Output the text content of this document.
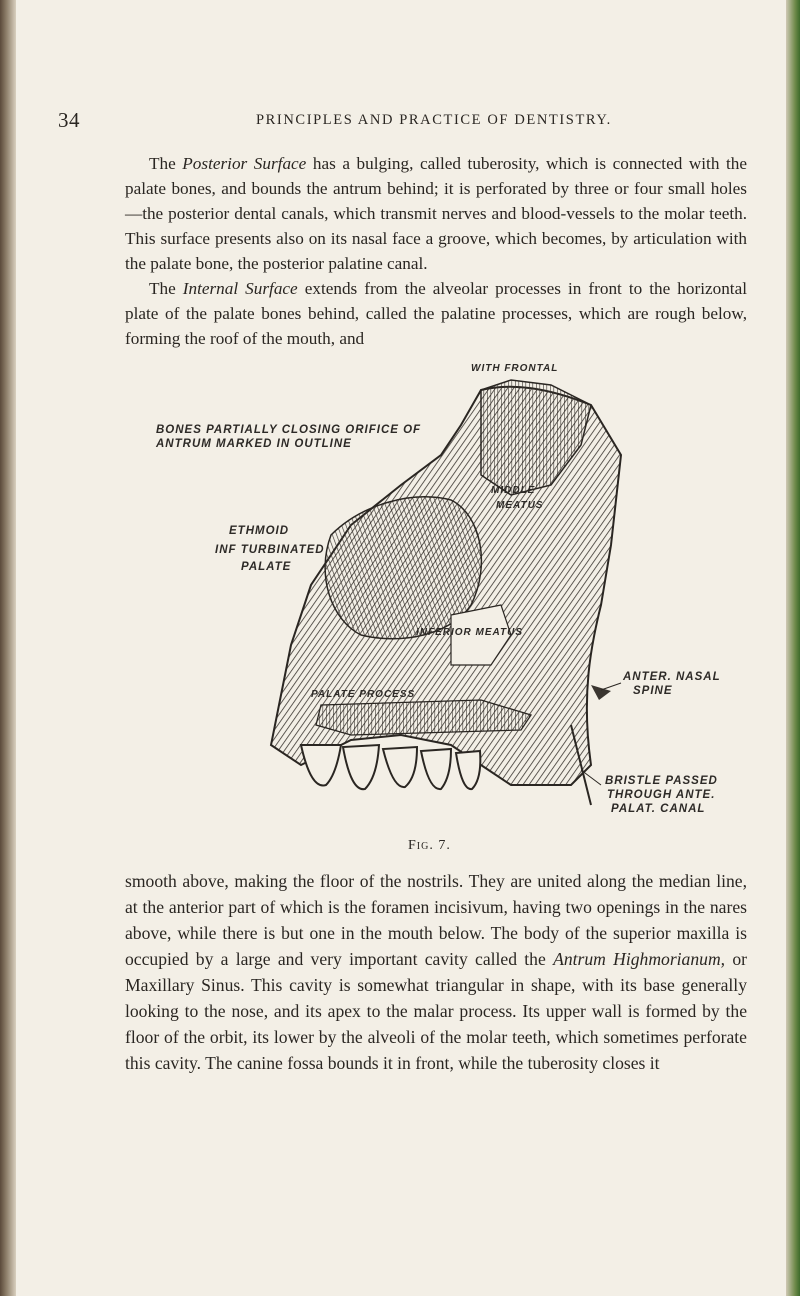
34	PRINCIPLES AND PRACTICE OF DENTISTRY.

The Posterior Surface has a bulging, called tuberosity, which is connected with the palate bones, and bounds the antrum behind; it is perforated by three or four small holes—the posterior dental canals, which transmit nerves and blood-vessels to the molar teeth. This surface presents also on its nasal face a groove, which becomes, by articulation with the palate bone, the posterior palatine canal.

The Internal Surface extends from the alveolar processes in front to the horizontal plate of the palate bones behind, called the palatine processes, which are rough below, forming the roof of the mouth, and

WITH FRONTAL
BONES PARTIALLY CLOSING ORIFICE OF
ANTRUM MARKED IN OUTLINE
ETHMOID
INF TURBINATED
PALATE
MIDDLE
MEATUS
INFERIOR MEATUS
PALATE PROCESS
ANTER. NASAL
SPINE
BRISTLE PASSED
THROUGH ANTE.
PALAT. CANAL
Fig. 7.

smooth above, making the floor of the nostrils. They are united along the median line, at the anterior part of which is the foramen incisivum, having two openings in the nares above, while there is but one in the mouth below. The body of the superior maxilla is occupied by a large and very important cavity called the Antrum Highmorianum, or Maxillary Sinus. This cavity is somewhat triangular in shape, with its base generally looking to the nose, and its apex to the malar process. Its upper wall is formed by the floor of the orbit, its lower by the alveoli of the molar teeth, which sometimes perforate this cavity. The canine fossa bounds it in front, while the tuberosity closes it
